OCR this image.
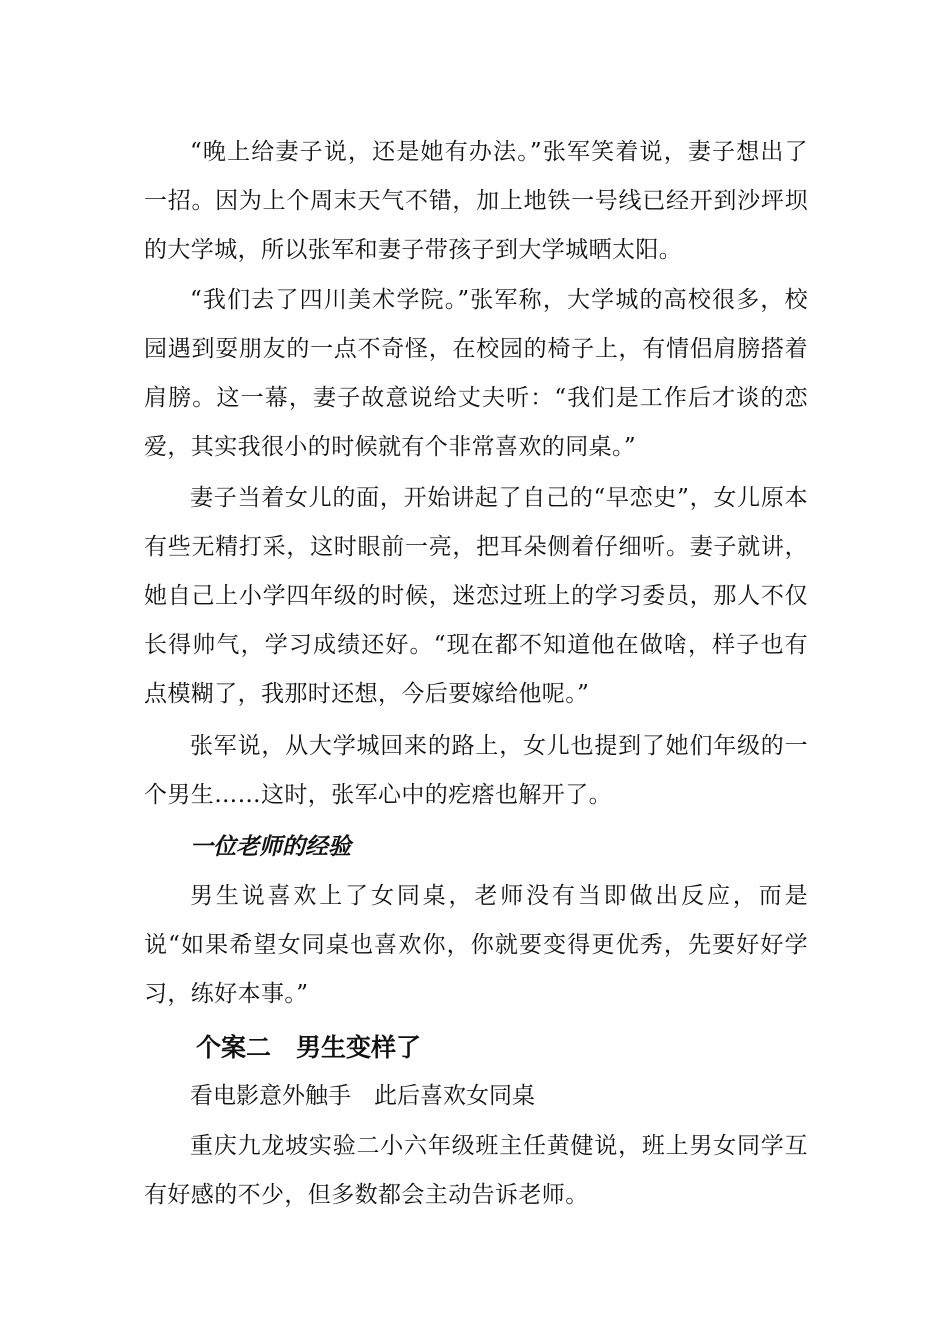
“晚上给妻子说，还是她有办法。”张军笑着说，妻子想出了一招。因为上个周末天气不错，加上地铁一号线已经开到沙坪坝的大学城，所以张军和妻子带孩子到大学城晒太阳。

“我们去了四川美术学院。”张军称，大学城的高校很多，校园遇到耍朋友的一点不奇怪，在校园的椅子上，有情侣肩膀搭着肩膀。这一幕，妻子故意说给丈夫听：“我们是工作后才谈的恋爱，其实我很小的时候就有个非常喜欢的同桌。”

妻子当着女儿的面，开始讲起了自己的“早恋史”，女儿原本有些无精打采，这时眼前一亮，把耳朵侧着仔细听。妻子就讲，她自己上小学四年级的时候，迷恋过班上的学习委员，那人不仅长得帅气，学习成绩还好。“现在都不知道他在做啥，样子也有点模糊了，我那时还想，今后要嫁给他呢。”

张军说，从大学城回来的路上，女儿也提到了她们年级的一个男生……这时，张军心中的疙瘩也解开了。

一位老师的经验

男生说喜欢上了女同桌，老师没有当即做出反应，而是说“如果希望女同桌也喜欢你，你就要变得更优秀，先要好好学习，练好本事。”

个案二　男生变样了

看电影意外触手　此后喜欢女同桌

重庆九龙坡实验二小六年级班主任黄健说，班上男女同学互有好感的不少，但多数都会主动告诉老师。
